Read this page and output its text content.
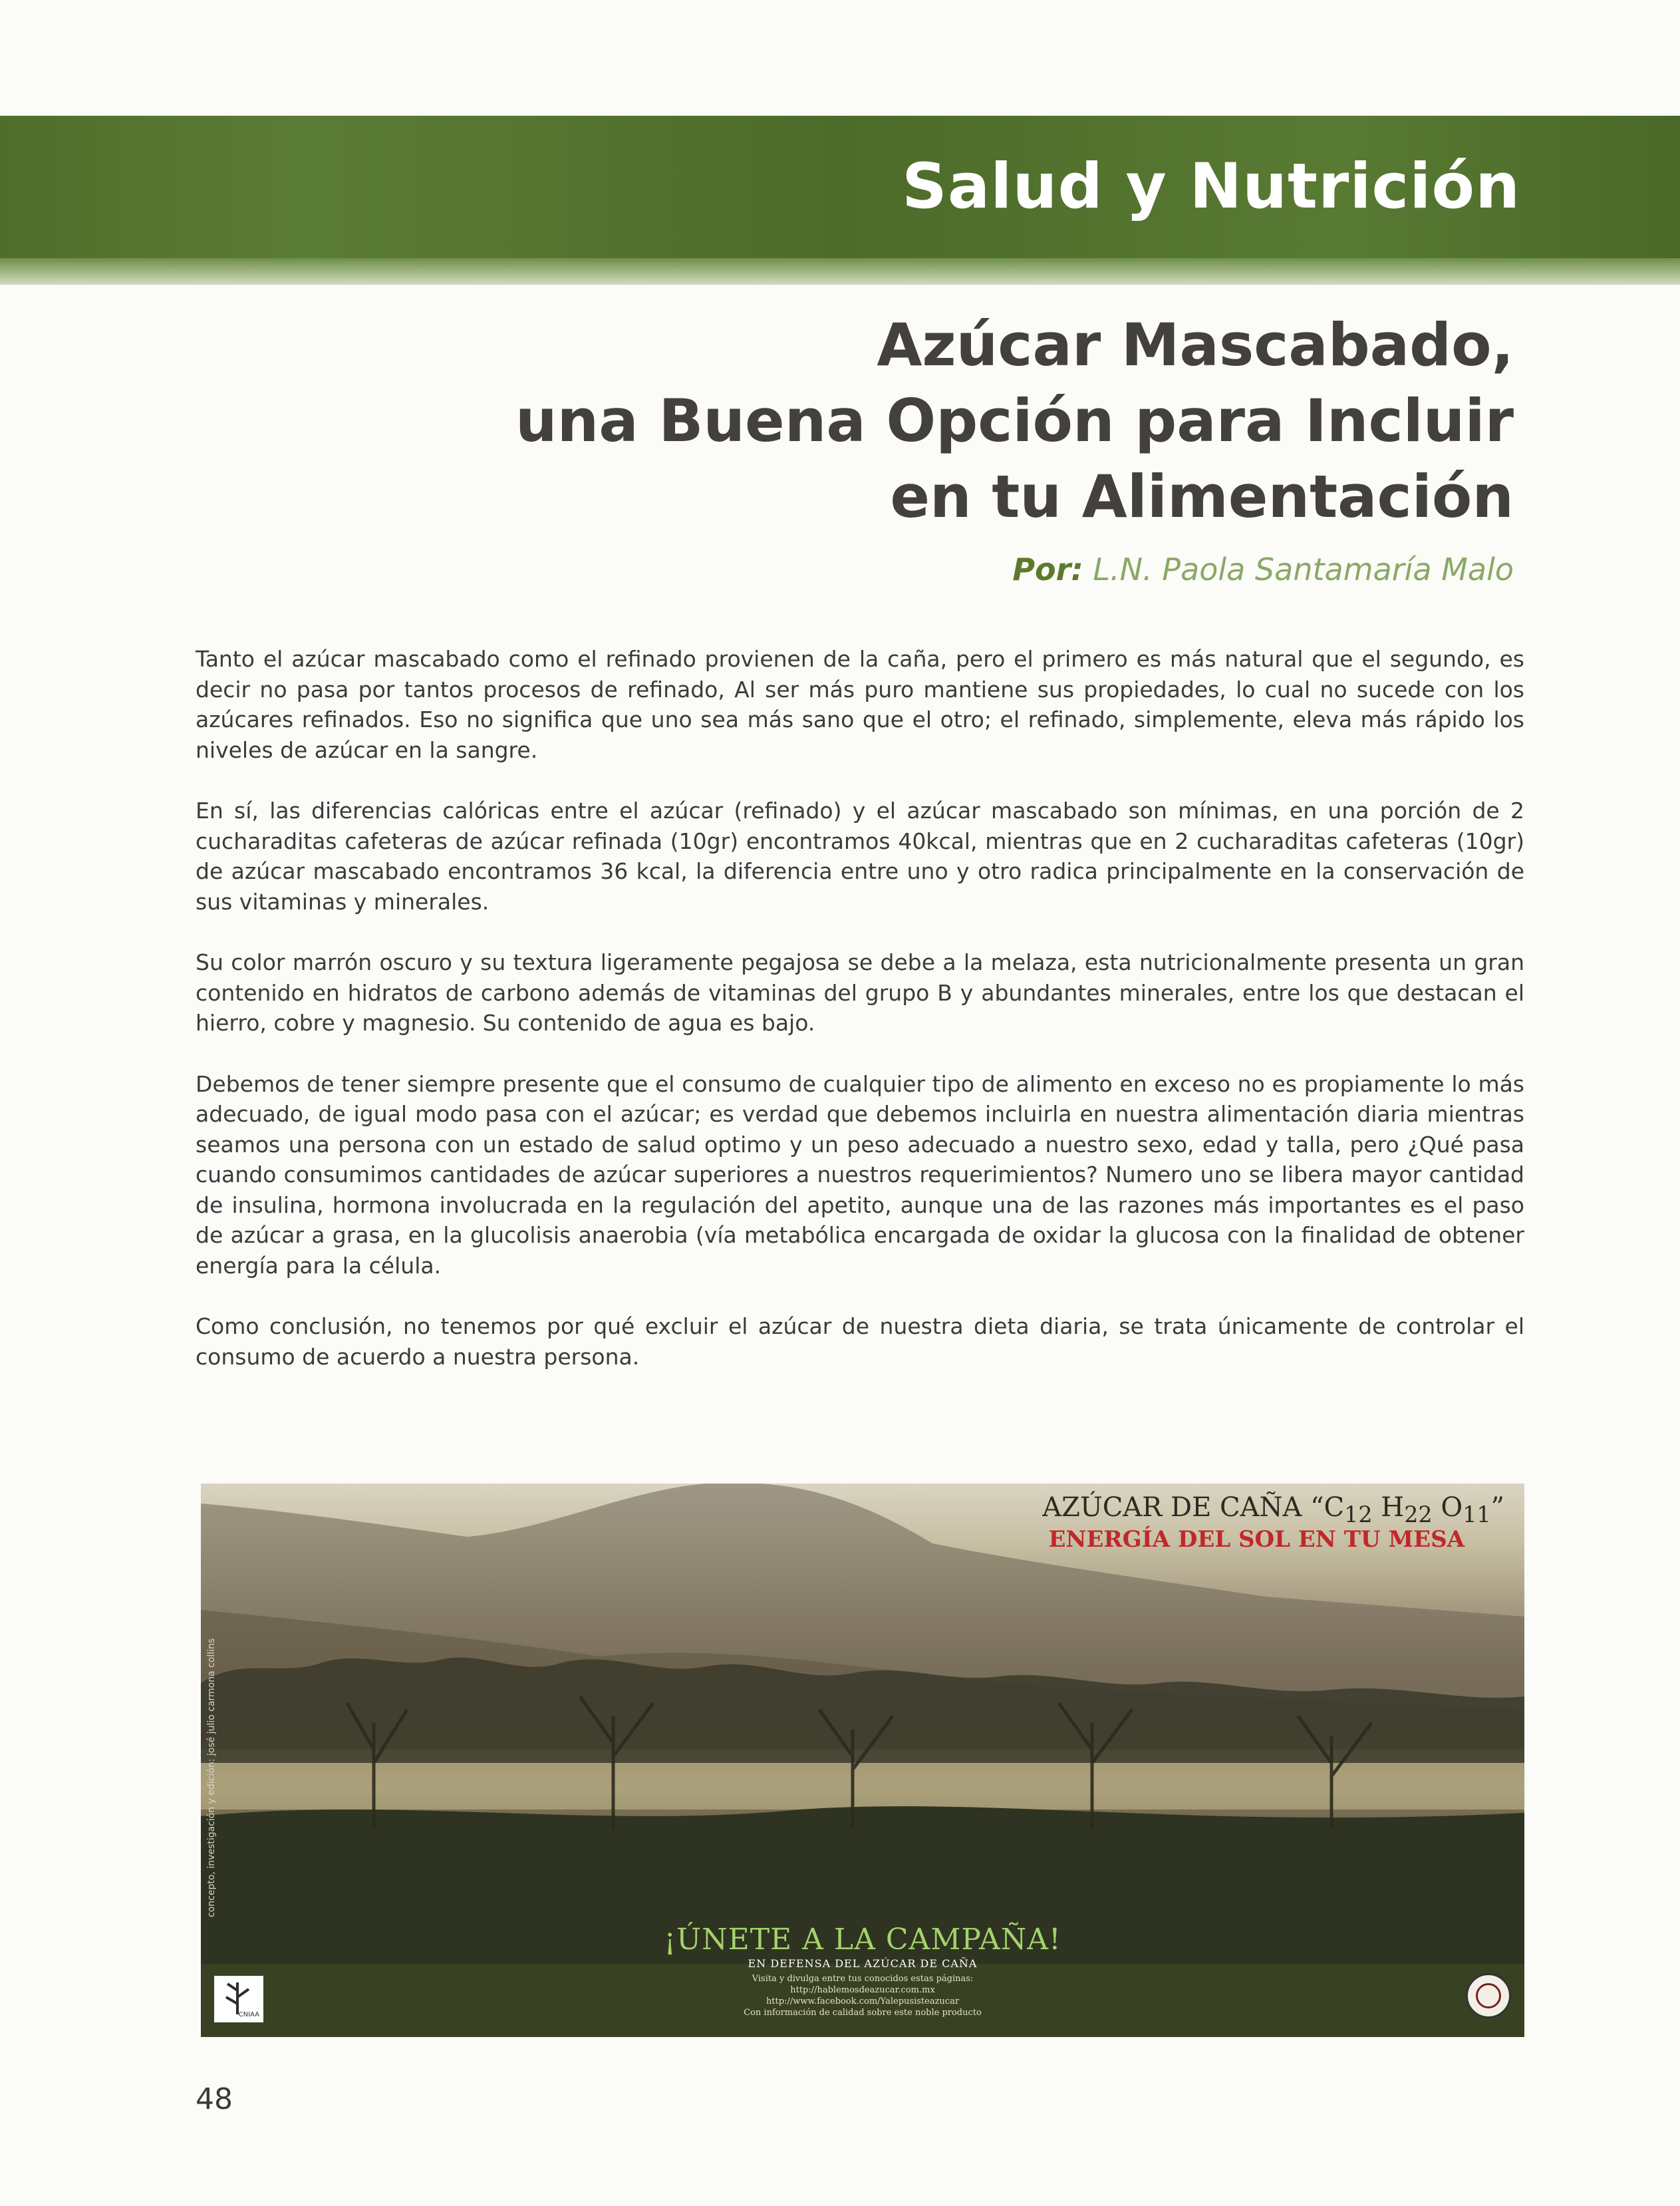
Salud y Nutrición
Azúcar Mascabado,
una Buena Opción para Incluir
en tu Alimentación
Por: L.N. Paola Santamaría Malo

Tanto el azúcar mascabado como el refinado provienen de la caña, pero el primero es más natural que el segundo, es decir no pasa por tantos procesos de refinado, Al ser más puro mantiene sus propiedades, lo cual no sucede con los azúcares refinados. Eso no significa que uno sea más sano que el otro; el refinado, simplemente, eleva más rápido los niveles de azúcar en la sangre.

En sí, las diferencias calóricas entre el azúcar (refinado) y el azúcar mascabado son mínimas, en una porción de 2 cucharaditas cafeteras de azúcar refinada (10gr) encontramos 40kcal, mientras que en 2 cucharaditas cafeteras (10gr) de azúcar mascabado encontramos 36 kcal, la diferencia entre uno y otro radica principalmente en la conservación de sus vitaminas y minerales.

Su color marrón oscuro y su textura ligeramente pegajosa se debe a la melaza, esta nutricionalmente presenta un gran contenido en hidratos de carbono además de vitaminas del grupo B y abundantes minerales, entre los que destacan el hierro, cobre y magnesio. Su contenido de agua es bajo.

Debemos de tener siempre presente que el consumo de cualquier tipo de alimento en exceso no es propiamente lo más adecuado, de igual modo pasa con el azúcar; es verdad que debemos incluirla en nuestra alimentación diaria mientras seamos una persona con un estado de salud optimo y un peso adecuado a nuestro sexo, edad y talla, pero ¿Qué pasa cuando consumimos cantidades de azúcar superiores a nuestros requerimientos? Numero uno se libera mayor cantidad de insulina, hormona involucrada en la regulación del apetito, aunque una de las razones más importantes es el paso de azúcar a grasa, en la glucolisis anaerobia (vía metabólica encargada de oxidar la glucosa con la finalidad de obtener energía para la célula.

Como conclusión, no tenemos por qué excluir el azúcar de nuestra dieta diaria, se trata únicamente de controlar el consumo de acuerdo a nuestra persona.

AZÚCAR DE CAÑA “$C_{12}$ $H_{22}$ $O_{11}$”
ENERGÍA DEL SOL EN TU MESA
concepto, investigación y edición: josé julio carmona collins
¡ÚNETE A LA CAMPAÑA!
EN DEFENSA DEL AZÚCAR DE CAÑA
Visita y divulga entre tus conocidos estas páginas:
http://hablemosdeazucar.com.mx
http://www.facebook.com/Yalepusisteazucar
Con información de calidad sobre este noble producto
CNIAA
48
